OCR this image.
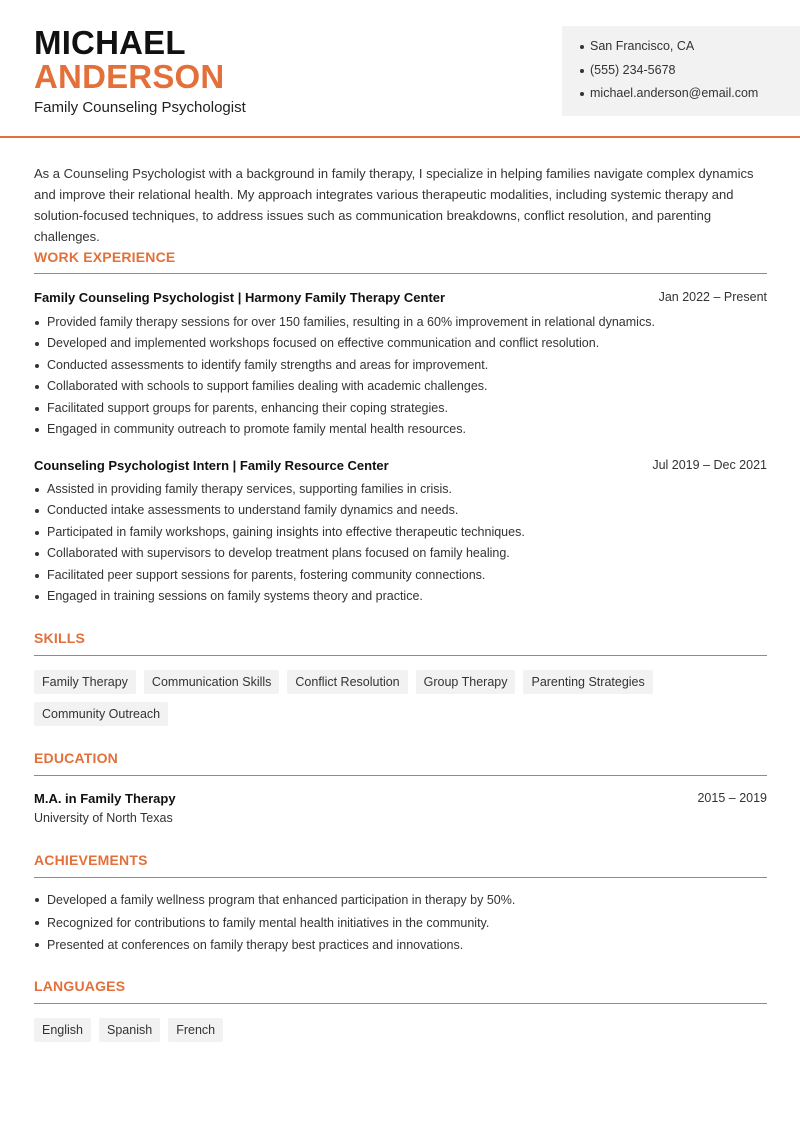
MICHAEL
ANDERSON
Family Counseling Psychologist
San Francisco, CA
(555) 234-5678
michael.anderson@email.com

As a Counseling Psychologist with a background in family therapy, I specialize in helping families navigate complex dynamics and improve their relational health. My approach integrates various therapeutic modalities, including systemic therapy and solution-focused techniques, to address issues such as communication breakdowns, conflict resolution, and parenting challenges.

WORK EXPERIENCE
Family Counseling Psychologist | Harmony Family Therapy Center	Jan 2022 – Present
Provided family therapy sessions for over 150 families, resulting in a 60% improvement in relational dynamics.
Developed and implemented workshops focused on effective communication and conflict resolution.
Conducted assessments to identify family strengths and areas for improvement.
Collaborated with schools to support families dealing with academic challenges.
Facilitated support groups for parents, enhancing their coping strategies.
Engaged in community outreach to promote family mental health resources.
Counseling Psychologist Intern | Family Resource Center	Jul 2019 – Dec 2021
Assisted in providing family therapy services, supporting families in crisis.
Conducted intake assessments to understand family dynamics and needs.
Participated in family workshops, gaining insights into effective therapeutic techniques.
Collaborated with supervisors to develop treatment plans focused on family healing.
Facilitated peer support sessions for parents, fostering community connections.
Engaged in training sessions on family systems theory and practice.
SKILLS
Family Therapy	Communication Skills	Conflict Resolution	Group Therapy	Parenting Strategies
Community Outreach
EDUCATION
M.A. in Family Therapy	2015 – 2019
University of North Texas
ACHIEVEMENTS
Developed a family wellness program that enhanced participation in therapy by 50%.
Recognized for contributions to family mental health initiatives in the community.
Presented at conferences on family therapy best practices and innovations.
LANGUAGES
English	Spanish	French
